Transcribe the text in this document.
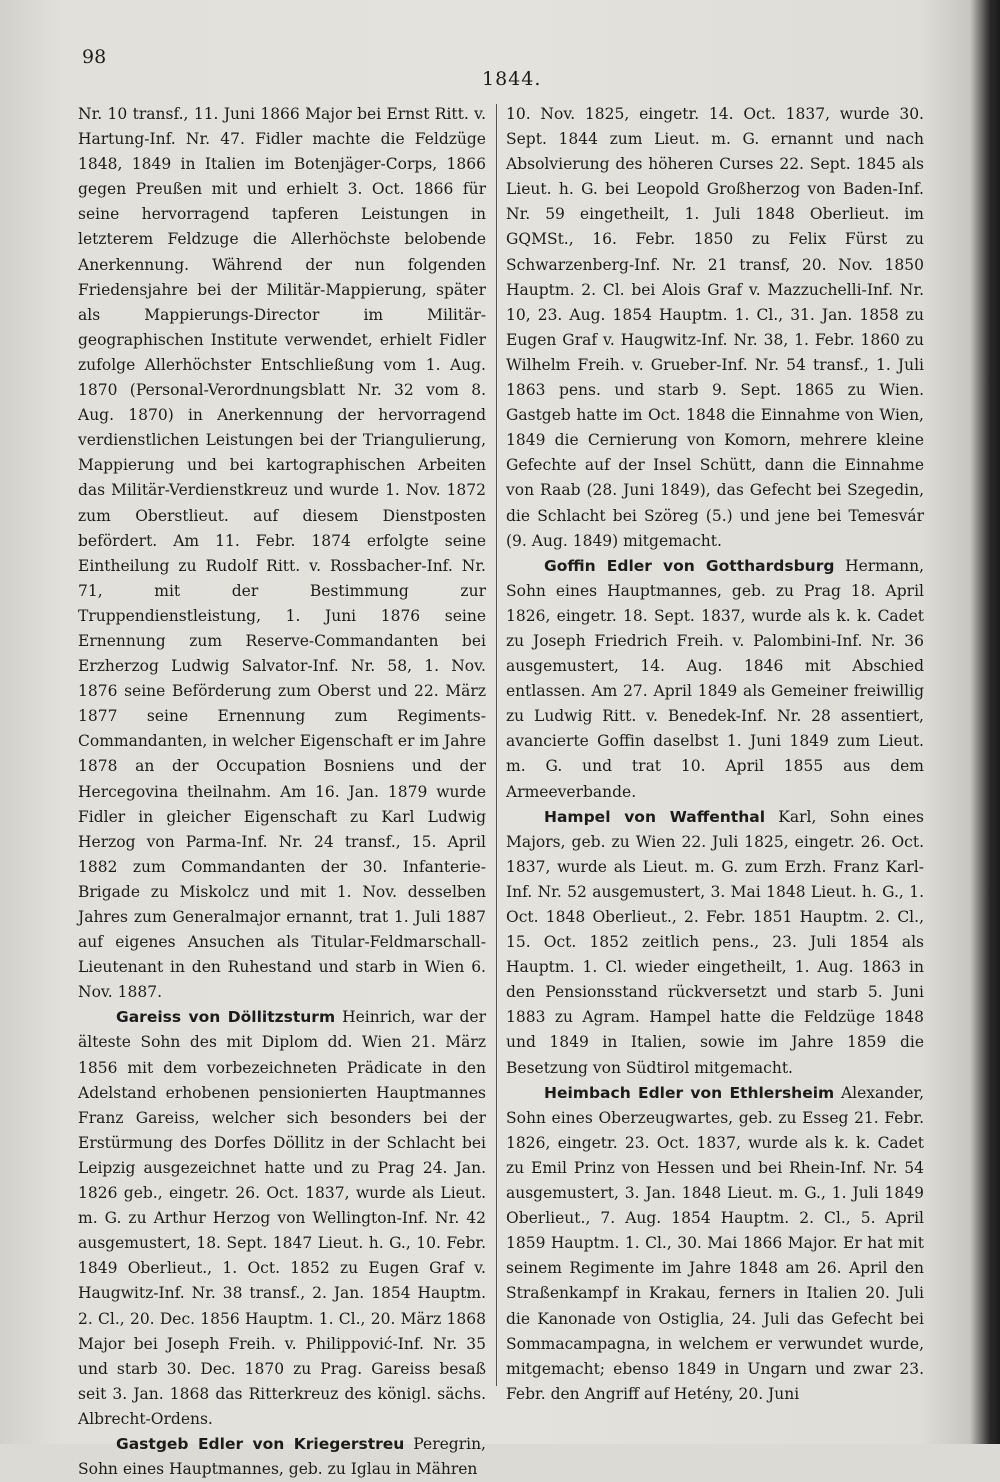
98
1844.

Nr. 10 transf., 11. Juni 1866 Major bei Ernst Ritt. v. Hartung-Inf. Nr. 47. Fidler machte die Feldzüge 1848, 1849 in Italien im Botenjäger-Corps, 1866 gegen Preußen mit und erhielt 3. Oct. 1866 für seine hervorragend tapferen Leistungen in letzterem Feldzuge die Allerhöchste belobende Anerkennung. Während der nun folgenden Friedensjahre bei der Militär-Mappierung, später als Mappierungs-Director im Militär-geographischen Institute verwendet, erhielt Fidler zufolge Allerhöchster Entschließung vom 1. Aug. 1870 (Personal-Verordnungsblatt Nr. 32 vom 8. Aug. 1870) in Anerkennung der hervorragend verdienstlichen Leistungen bei der Triangulierung, Mappierung und bei kartographischen Arbeiten das Militär-Verdienstkreuz und wurde 1. Nov. 1872 zum Oberstlieut. auf diesem Dienstposten befördert. Am 11. Febr. 1874 erfolgte seine Eintheilung zu Rudolf Ritt. v. Rossbacher-Inf. Nr. 71, mit der Bestimmung zur Truppendienstleistung, 1. Juni 1876 seine Ernennung zum Reserve-Commandanten bei Erzherzog Ludwig Salvator-Inf. Nr. 58, 1. Nov. 1876 seine Beförderung zum Oberst und 22. März 1877 seine Ernennung zum Regiments-Commandanten, in welcher Eigenschaft er im Jahre 1878 an der Occupation Bosniens und der Hercegovina theilnahm. Am 16. Jan. 1879 wurde Fidler in gleicher Eigenschaft zu Karl Ludwig Herzog von Parma-Inf. Nr. 24 transf., 15. April 1882 zum Commandanten der 30. Infanterie-Brigade zu Miskolcz und mit 1. Nov. desselben Jahres zum Generalmajor ernannt, trat 1. Juli 1887 auf eigenes Ansuchen als Titular-Feldmarschall-Lieutenant in den Ruhestand und starb in Wien 6. Nov. 1887.

Gareiss von Döllitzsturm Heinrich, war der älteste Sohn des mit Diplom dd. Wien 21. März 1856 mit dem vorbezeichneten Prädicate in den Adelstand erhobenen pensionierten Hauptmannes Franz Gareiss, welcher sich besonders bei der Erstürmung des Dorfes Döllitz in der Schlacht bei Leipzig ausgezeichnet hatte und zu Prag 24. Jan. 1826 geb., eingetr. 26. Oct. 1837, wurde als Lieut. m. G. zu Arthur Herzog von Wellington-Inf. Nr. 42 ausgemustert, 18. Sept. 1847 Lieut. h. G., 10. Febr. 1849 Oberlieut., 1. Oct. 1852 zu Eugen Graf v. Haugwitz-Inf. Nr. 38 transf., 2. Jan. 1854 Hauptm. 2. Cl., 20. Dec. 1856 Hauptm. 1. Cl., 20. März 1868 Major bei Joseph Freih. v. Philippović-Inf. Nr. 35 und starb 30. Dec. 1870 zu Prag. Gareiss besaß seit 3. Jan. 1868 das Ritterkreuz des königl. sächs. Albrecht-Ordens.

Gastgeb Edler von Kriegerstreu Peregrin, Sohn eines Hauptmannes, geb. zu Iglau in Mähren

10. Nov. 1825, eingetr. 14. Oct. 1837, wurde 30. Sept. 1844 zum Lieut. m. G. ernannt und nach Absolvierung des höheren Curses 22. Sept. 1845 als Lieut. h. G. bei Leopold Großherzog von Baden-Inf. Nr. 59 eingetheilt, 1. Juli 1848 Oberlieut. im GQMSt., 16. Febr. 1850 zu Felix Fürst zu Schwarzenberg-Inf. Nr. 21 transf, 20. Nov. 1850 Hauptm. 2. Cl. bei Alois Graf v. Mazzuchelli-Inf. Nr. 10, 23. Aug. 1854 Hauptm. 1. Cl., 31. Jan. 1858 zu Eugen Graf v. Haugwitz-Inf. Nr. 38, 1. Febr. 1860 zu Wilhelm Freih. v. Grueber-Inf. Nr. 54 transf., 1. Juli 1863 pens. und starb 9. Sept. 1865 zu Wien. Gastgeb hatte im Oct. 1848 die Einnahme von Wien, 1849 die Cernierung von Komorn, mehrere kleine Gefechte auf der Insel Schütt, dann die Einnahme von Raab (28. Juni 1849), das Gefecht bei Szegedin, die Schlacht bei Szöreg (5.) und jene bei Temesvár (9. Aug. 1849) mitgemacht.

Goffin Edler von Gotthardsburg Hermann, Sohn eines Hauptmannes, geb. zu Prag 18. April 1826, eingetr. 18. Sept. 1837, wurde als k. k. Cadet zu Joseph Friedrich Freih. v. Palombini-Inf. Nr. 36 ausgemustert, 14. Aug. 1846 mit Abschied entlassen. Am 27. April 1849 als Gemeiner freiwillig zu Ludwig Ritt. v. Benedek-Inf. Nr. 28 assentiert, avancierte Goffin daselbst 1. Juni 1849 zum Lieut. m. G. und trat 10. April 1855 aus dem Armeeverbande.

Hampel von Waffenthal Karl, Sohn eines Majors, geb. zu Wien 22. Juli 1825, eingetr. 26. Oct. 1837, wurde als Lieut. m. G. zum Erzh. Franz Karl-Inf. Nr. 52 ausgemustert, 3. Mai 1848 Lieut. h. G., 1. Oct. 1848 Oberlieut., 2. Febr. 1851 Hauptm. 2. Cl., 15. Oct. 1852 zeitlich pens., 23. Juli 1854 als Hauptm. 1. Cl. wieder eingetheilt, 1. Aug. 1863 in den Pensionsstand rückversetzt und starb 5. Juni 1883 zu Agram. Hampel hatte die Feldzüge 1848 und 1849 in Italien, sowie im Jahre 1859 die Besetzung von Südtirol mitgemacht.

Heimbach Edler von Ethlersheim Alexander, Sohn eines Oberzeugwartes, geb. zu Esseg 21. Febr. 1826, eingetr. 23. Oct. 1837, wurde als k. k. Cadet zu Emil Prinz von Hessen und bei Rhein-Inf. Nr. 54 ausgemustert, 3. Jan. 1848 Lieut. m. G., 1. Juli 1849 Oberlieut., 7. Aug. 1854 Hauptm. 2. Cl., 5. April 1859 Hauptm. 1. Cl., 30. Mai 1866 Major. Er hat mit seinem Regimente im Jahre 1848 am 26. April den Straßenkampf in Krakau, ferners in Italien 20. Juli die Kanonade von Ostiglia, 24. Juli das Gefecht bei Sommacampagna, in welchem er verwundet wurde, mitgemacht; ebenso 1849 in Ungarn und zwar 23. Febr. den Angriff auf Hetény, 20. Juni
